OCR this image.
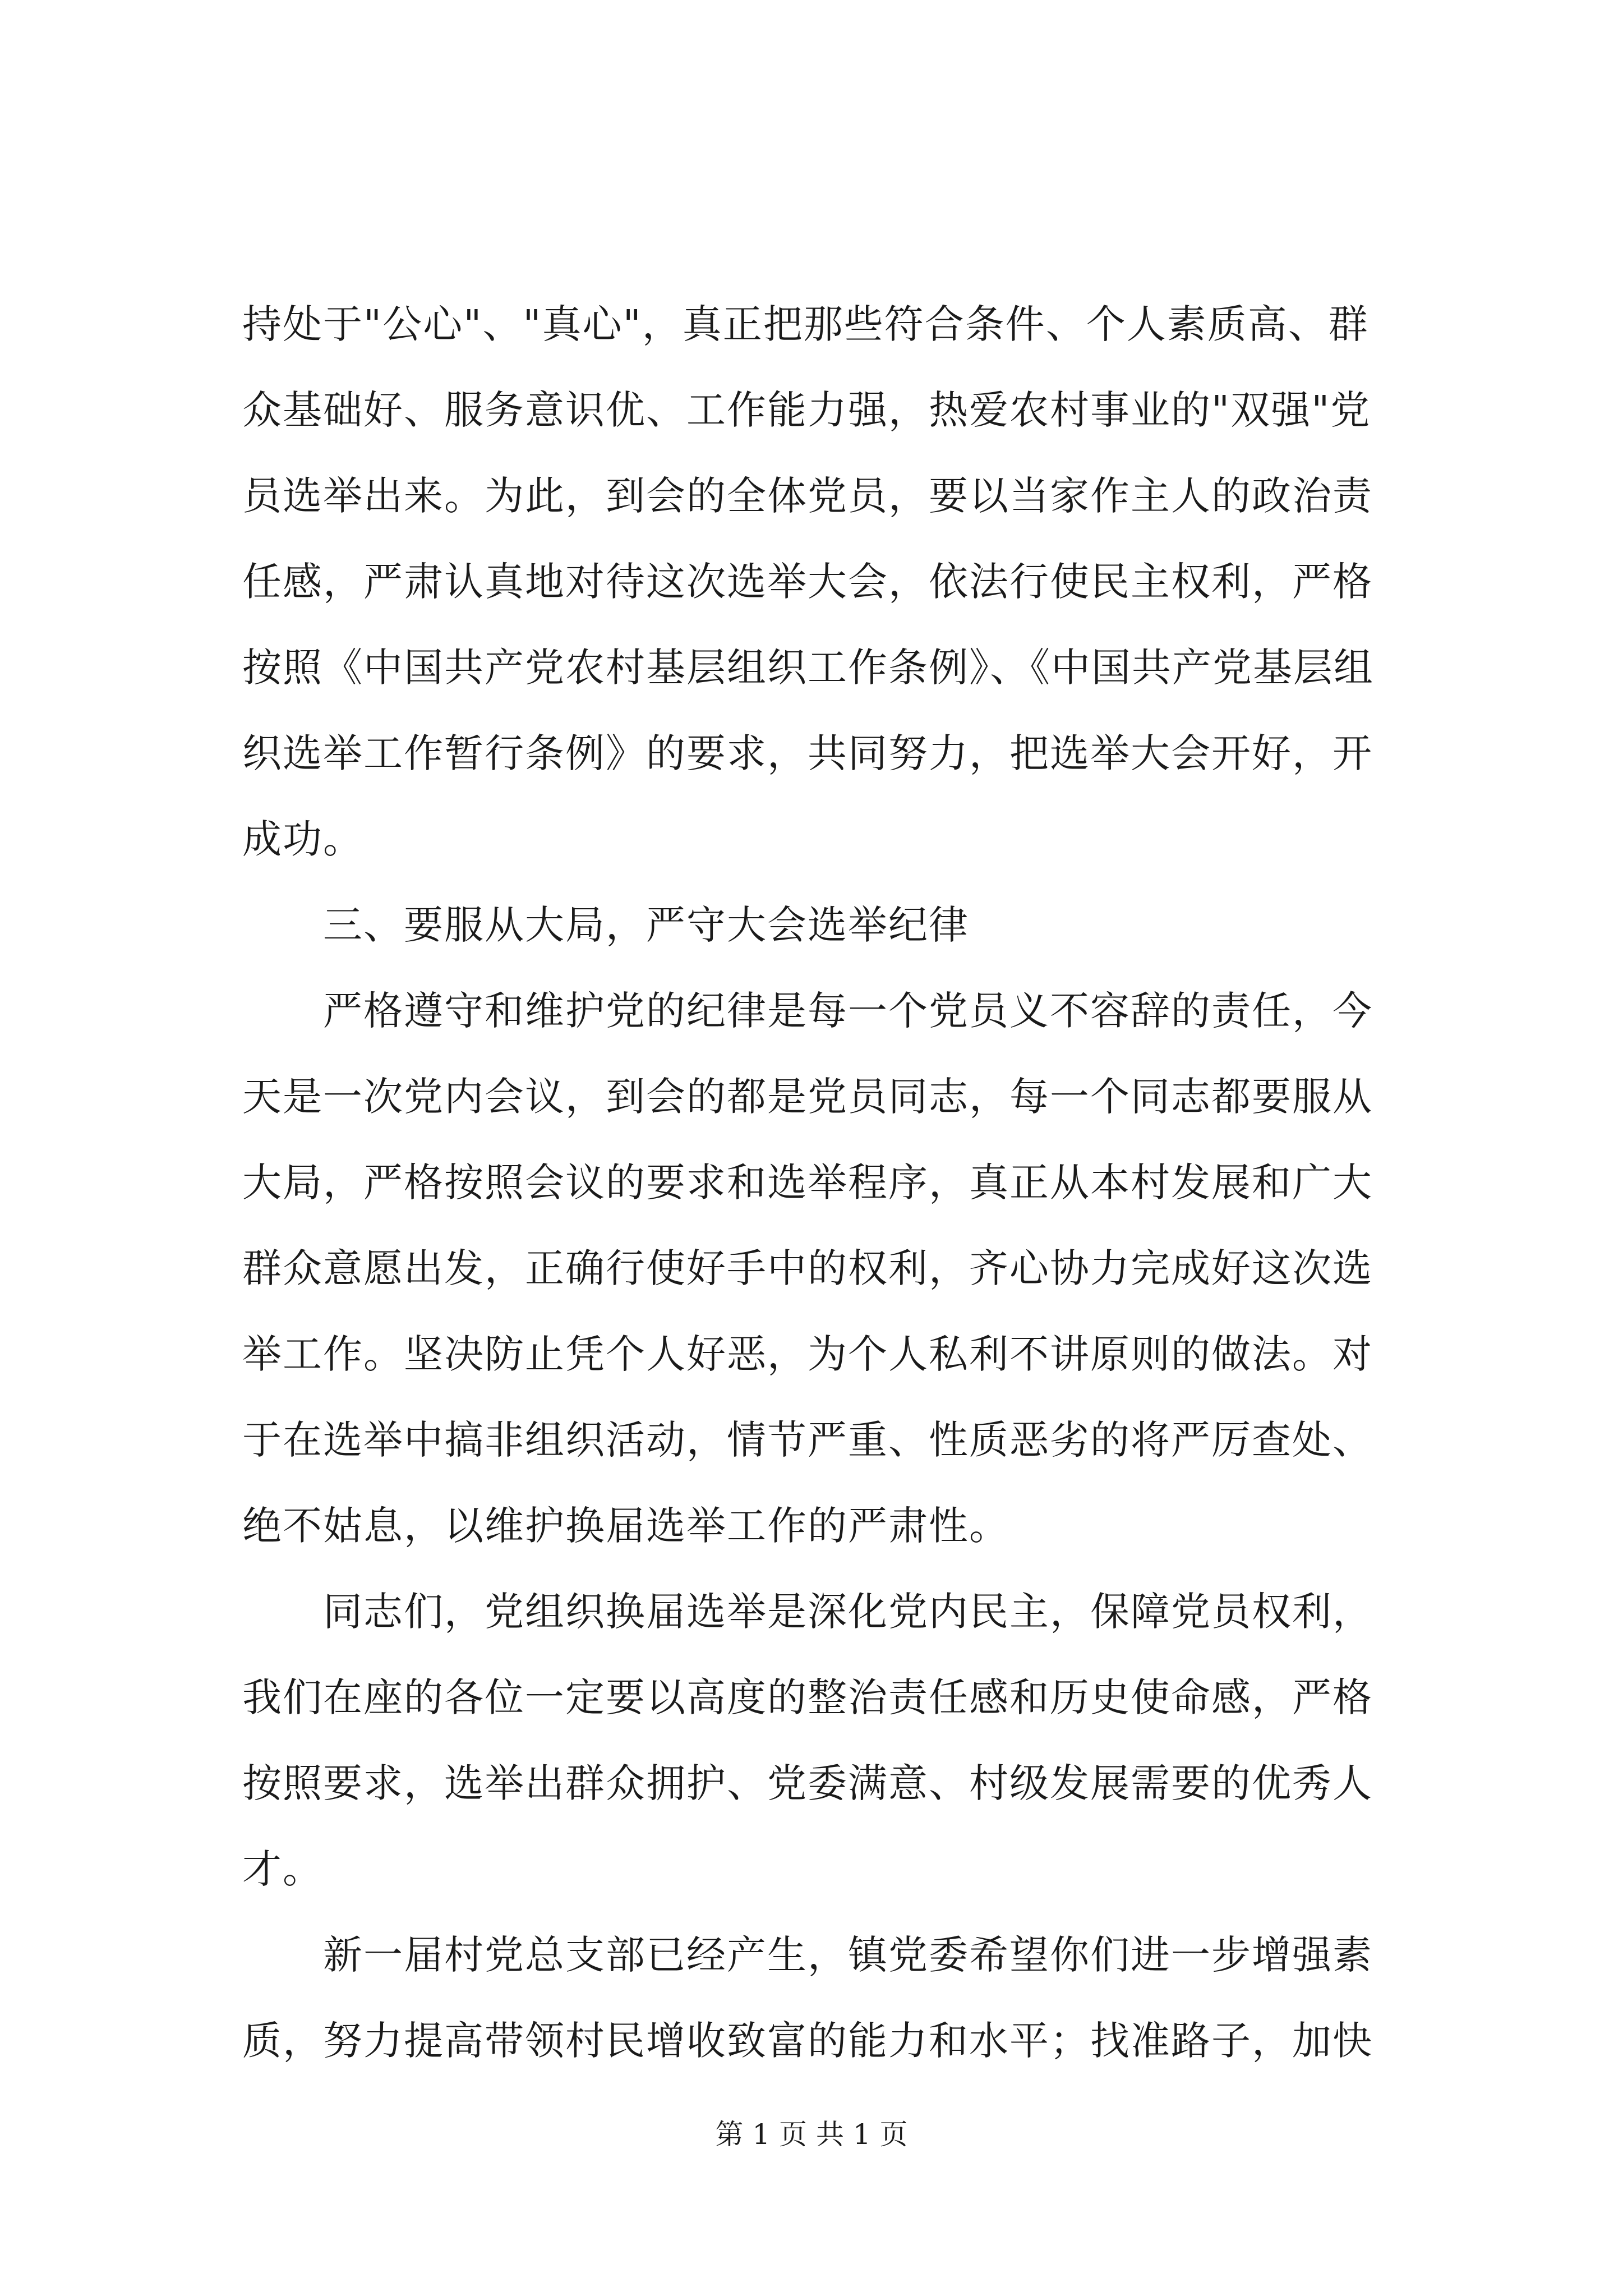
持处于"公心"、"真心"，真正把那些符合条件、个人素质高、群
众基础好、服务意识优、工作能力强，热爱农村事业的"双强"党
员选举出来。为此，到会的全体党员，要以当家作主人的政治责
任感，严肃认真地对待这次选举大会，依法行使民主权利，严格
按照《中国共产党农村基层组织工作条例》、《中国共产党基层组
织选举工作暂行条例》的要求，共同努力，把选举大会开好，开
成功。
　　三、要服从大局，严守大会选举纪律
　　严格遵守和维护党的纪律是每一个党员义不容辞的责任，今
天是一次党内会议，到会的都是党员同志，每一个同志都要服从
大局，严格按照会议的要求和选举程序，真正从本村发展和广大
群众意愿出发，正确行使好手中的权利，齐心协力完成好这次选
举工作。坚决防止凭个人好恶，为个人私利不讲原则的做法。对
于在选举中搞非组织活动，情节严重、性质恶劣的将严厉查处、
绝不姑息，以维护换届选举工作的严肃性。
　　同志们，党组织换届选举是深化党内民主，保障党员权利，
我们在座的各位一定要以高度的整治责任感和历史使命感，严格
按照要求，选举出群众拥护、党委满意、村级发展需要的优秀人
才。
　　新一届村党总支部已经产生，镇党委希望你们进一步增强素
质，努力提高带领村民增收致富的能力和水平；找准路子，加快
第 1 页 共 1 页
